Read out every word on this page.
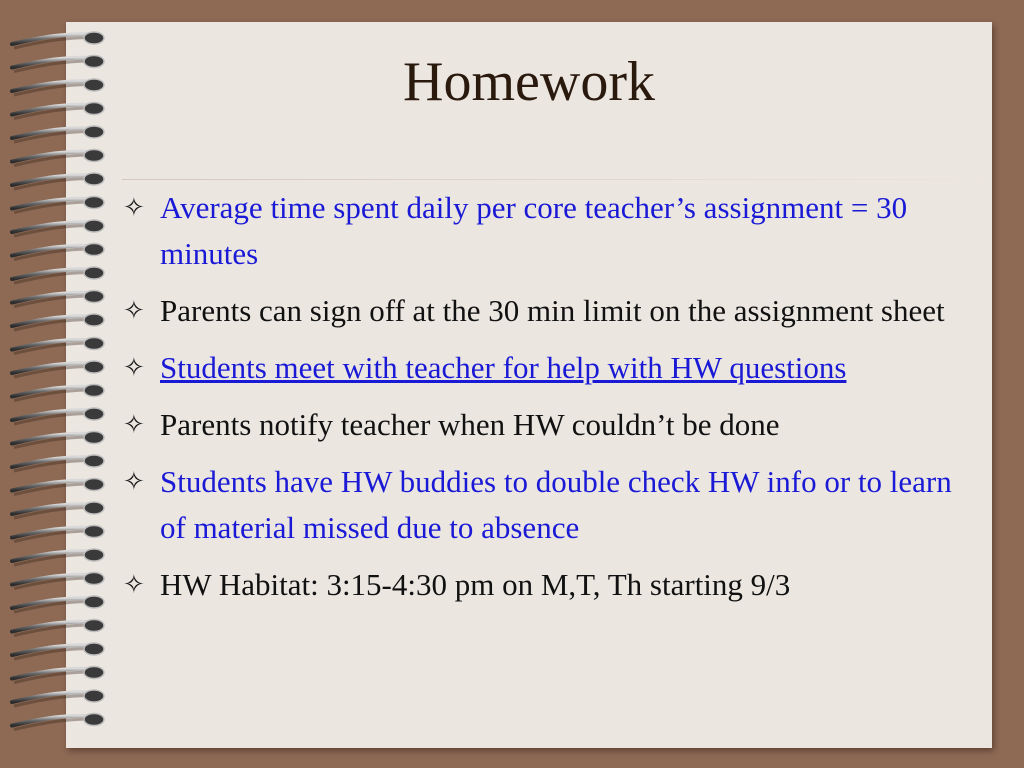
Homework
✧ Average time spent daily per core teacher’s assignment = 30 minutes
✧ Parents can sign off at the 30 min limit on the assignment sheet
✧ Students meet with teacher for help with HW questions
✧ Parents notify teacher when HW couldn’t be done
✧ Students have HW buddies to double check HW info or to learn of material missed due to absence
✧ HW Habitat: 3:15-4:30 pm on M,T, Th starting 9/3
